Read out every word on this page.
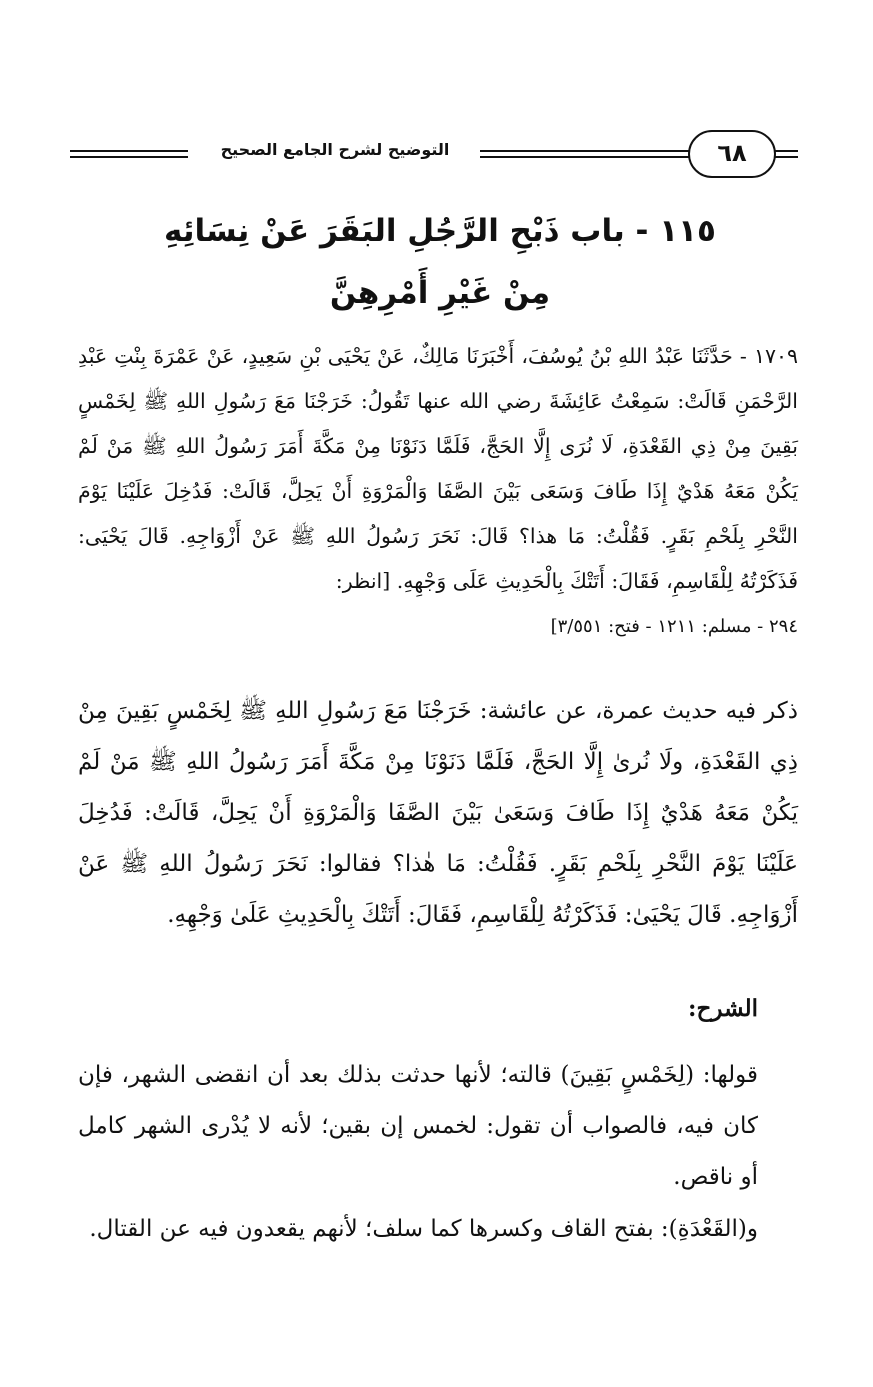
التوضيح لشرح الجامع الصحيح	٦٨
١١٥ - باب ذَبْحِ الرَّجُلِ البَقَرَ عَنْ نِسَائِهِ
مِنْ غَيْرِ أَمْرِهِنَّ
١٧٠٩ - حَدَّثَنَا عَبْدُ اللهِ بْنُ يُوسُفَ، أَخْبَرَنَا مَالِكٌ، عَنْ يَحْيَى بْنِ سَعِيدٍ، عَنْ عَمْرَةَ بِنْتِ عَبْدِ الرَّحْمَنِ قَالَتْ: سَمِعْتُ عَائِشَةَ رضي الله عنها تَقُولُ: خَرَجْنَا مَعَ رَسُولِ اللهِ ﷺ لِخَمْسٍ بَقِينَ مِنْ ذِي القَعْدَةِ، لَا نُرَى إِلَّا الحَجَّ، فَلَمَّا دَنَوْنَا مِنْ مَكَّةَ أَمَرَ رَسُولُ اللهِ ﷺ مَنْ لَمْ يَكُنْ مَعَهُ هَدْيٌ إِذَا طَافَ وَسَعَى بَيْنَ الصَّفَا وَالْمَرْوَةِ أَنْ يَحِلَّ، قَالَتْ: فَدُخِلَ عَلَيْنَا يَوْمَ النَّحْرِ بِلَحْمِ بَقَرٍ. فَقُلْتُ: مَا هذا؟ قَالَ: نَحَرَ رَسُولُ اللهِ ﷺ عَنْ أَزْوَاجِهِ. قَالَ يَحْيَى: فَذَكَرْتُهُ لِلْقَاسِمِ، فَقَالَ: أَتَتْكَ بِالْحَدِيثِ عَلَى وَجْهِهِ. [انظر:
٢٩٤ - مسلم: ١٢١١ - فتح: ٣/٥٥١]
ذكر فيه حديث عمرة، عن عائشة: خَرَجْنَا مَعَ رَسُولِ اللهِ ﷺ لِخَمْسٍ بَقِينَ مِنْ ذِي القَعْدَةِ، ولَا نُرىٰ إِلَّا الحَجَّ، فَلَمَّا دَنَوْنَا مِنْ مَكَّةَ أَمَرَ رَسُولُ اللهِ ﷺ مَنْ لَمْ يَكُنْ مَعَهُ هَدْيٌ إِذَا طَافَ وَسَعَىٰ بَيْنَ الصَّفَا وَالْمَرْوَةِ أَنْ يَحِلَّ، قَالَتْ: فَدُخِلَ عَلَيْنَا يَوْمَ النَّحْرِ بِلَحْمِ بَقَرٍ. فَقُلْتُ: مَا هٰذا؟ فقالوا: نَحَرَ رَسُولُ اللهِ ﷺ عَنْ أَزْوَاجِهِ. قَالَ يَحْيَىٰ: فَذَكَرْتُهُ لِلْقَاسِمِ، فَقَالَ: أَتَتْكَ بِالْحَدِيثِ عَلَىٰ وَجْهِهِ.
الشرح:
قولها: (لِخَمْسٍ بَقِينَ) قالته؛ لأنها حدثت بذلك بعد أن انقضى الشهر، فإن كان فيه، فالصواب أن تقول: لخمس إن بقين؛ لأنه لا يُدْرى الشهر كامل أو ناقص.
و(القَعْدَةِ): بفتح القاف وكسرها كما سلف؛ لأنهم يقعدون فيه عن القتال.
